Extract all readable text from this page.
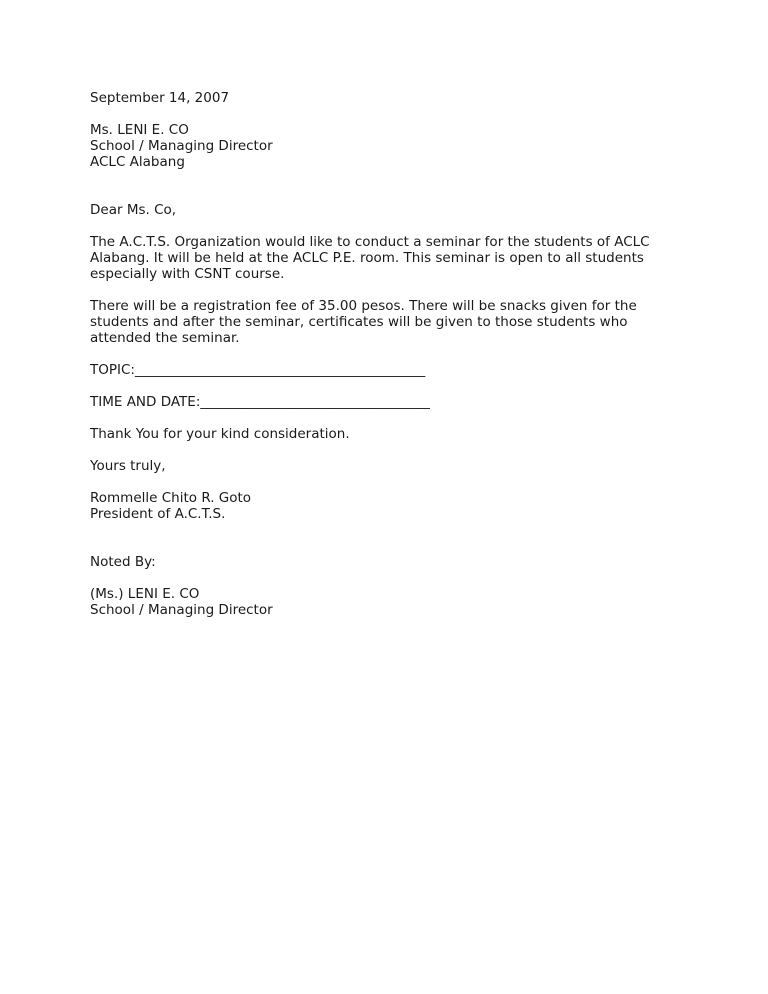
September 14, 2007
Ms. LENI E. CO
School / Managing Director
ACLC Alabang
Dear Ms. Co,
The A.C.T.S. Organization would like to conduct a seminar for the students of ACLC Alabang. It will be held at the ACLC P.E. room. This seminar is open to all students especially with CSNT course.
There will be a registration fee of 35.00 pesos. There will be snacks given for the students and after the seminar, certificates will be given to those students who attended the seminar.
TOPIC:___________________________________________
TIME AND DATE:__________________________________
Thank You for your kind consideration.
Yours truly,
Rommelle Chito R. Goto
President of A.C.T.S.
Noted By:
(Ms.) LENI E. CO
School / Managing Director
